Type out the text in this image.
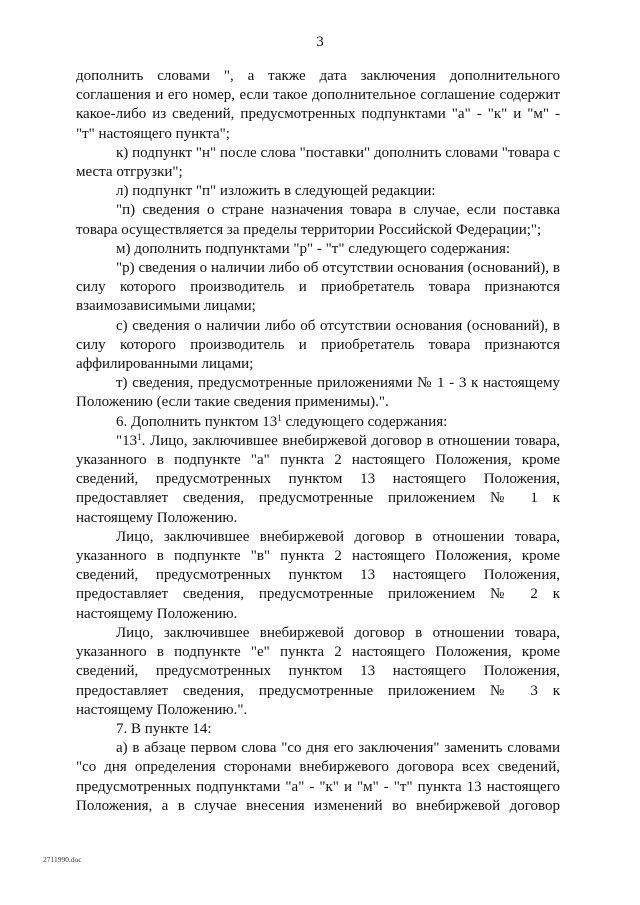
3

дополнить словами ", а также дата заключения дополнительного соглашения и его номер, если такое дополнительное соглашение содержит какое-либо из сведений, предусмотренных подпунктами "а" - "к" и "м" - "т" настоящего пункта";

к) подпункт "н" после слова "поставки" дополнить словами "товара с места отгрузки";

л) подпункт "п" изложить в следующей редакции:

"п) сведения о стране назначения товара в случае, если поставка товара осуществляется за пределы территории Российской Федерации;";

м) дополнить подпунктами "р" - "т" следующего содержания:

"р) сведения о наличии либо об отсутствии основания (оснований), в силу которого производитель и приобретатель товара признаются взаимозависимыми лицами;

с) сведения о наличии либо об отсутствии основания (оснований), в силу которого производитель и приобретатель товара признаются аффилированными лицами;

т) сведения, предусмотренные приложениями № 1 - 3 к настоящему Положению (если такие сведения применимы).".

6. Дополнить пунктом $13^1$ следующего содержания:

"$13^1$. Лицо, заключившее внебиржевой договор в отношении товара, указанного в подпункте "а" пункта 2 настоящего Положения, кроме сведений, предусмотренных пунктом 13 настоящего Положения, предоставляет сведения, предусмотренные приложением № 1 к настоящему Положению.

Лицо, заключившее внебиржевой договор в отношении товара, указанного в подпункте "в" пункта 2 настоящего Положения, кроме сведений, предусмотренных пунктом 13 настоящего Положения, предоставляет сведения, предусмотренные приложением № 2 к настоящему Положению.

Лицо, заключившее внебиржевой договор в отношении товара, указанного в подпункте "е" пункта 2 настоящего Положения, кроме сведений, предусмотренных пунктом 13 настоящего Положения, предоставляет сведения, предусмотренные приложением № 3 к настоящему Положению.".

7. В пункте 14:

а) в абзаце первом слова "со дня его заключения" заменить словами "со дня определения сторонами внебиржевого договора всех сведений, предусмотренных подпунктами "а" - "к" и "м" - "т" пункта 13 настоящего Положения, а в случае внесения изменений во внебиржевой договор

2711990.doc
